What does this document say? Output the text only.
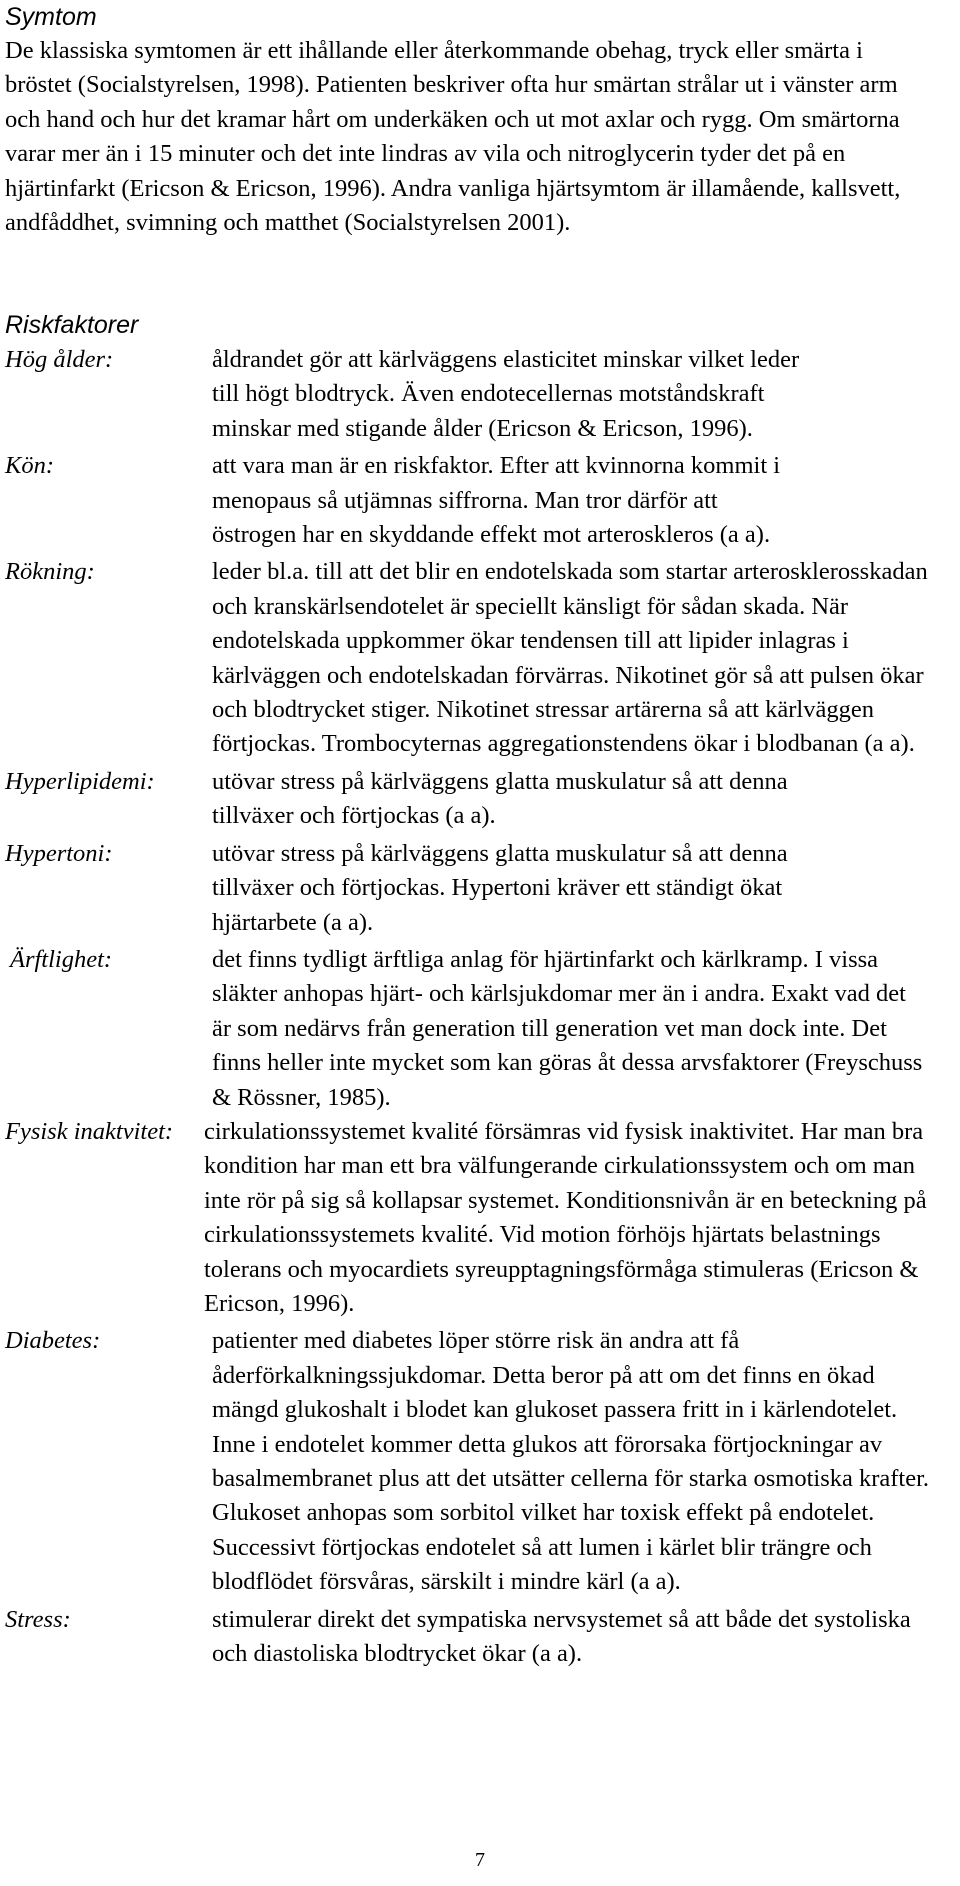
Symtom
De klassiska symtomen är ett ihållande eller återkommande obehag, tryck eller smärta i bröstet (Socialstyrelsen, 1998). Patienten beskriver ofta hur smärtan strålar ut i vänster arm och hand och hur det kramar hårt om underkäken och ut mot axlar och rygg. Om smärtorna varar mer än i 15 minuter och det inte lindras av vila och nitroglycerin tyder det på en hjärtinfarkt (Ericson & Ericson, 1996). Andra vanliga hjärtsymtom är illamående, kallsvett, andfåddhet, svimning och matthet (Socialstyrelsen 2001).
Riskfaktorer
Hög ålder:	åldrandet gör att kärlväggens elasticitet minskar vilket leder till högt blodtryck. Även endotecellernas motståndskraft minskar med stigande ålder (Ericson & Ericson, 1996).
Kön:	att vara man är en riskfaktor. Efter att kvinnorna kommit i menopaus så utjämnas siffrorna. Man tror därför att östrogen har en skyddande effekt mot arteroskleros (a a).
Rökning:	leder bl.a. till att det blir en endotelskada som startar arterosklerosskadan och kranskärlsendotelet är speciellt känsligt för sådan skada. När endotelskada uppkommer ökar tendensen till att lipider inlagras i kärlväggen och endotelskadan förvärras. Nikotinet gör så att pulsen ökar och blodtrycket stiger. Nikotinet stressar artärerna så att kärlväggen förtjockas. Trombocyternas aggregationstendens ökar i blodbanan (a a).
Hyperlipidemi:	utövar stress på kärlväggens glatta muskulatur så att denna tillväxer och förtjockas (a a).
Hypertoni:	utövar stress på kärlväggens glatta muskulatur så att denna tillväxer och förtjockas. Hypertoni kräver ett ständigt ökat hjärtarbete (a a).
Ärftlighet:	det finns tydligt ärftliga anlag för hjärtinfarkt och kärlkramp. I vissa släkter anhopas hjärt- och kärlsjukdomar mer än i andra. Exakt vad det är som nedärvs från generation till generation vet man dock inte. Det finns heller inte mycket som kan göras åt dessa arvsfaktorer (Freyschuss & Rössner, 1985).
Fysisk inaktvitet:	cirkulationssystemet kvalité försämras vid fysisk inaktivitet. Har man bra kondition har man ett bra välfungerande cirkulationssystem och om man inte rör på sig så kollapsar systemet. Konditionsnivån är en beteckning på cirkulationssystemets kvalité. Vid motion förhöjs hjärtats belastnings tolerans och myocardiets syreupptagningsförmåga stimuleras (Ericson & Ericson, 1996).
Diabetes:	patienter med diabetes löper större risk än andra att få åderförkalkningssjukdomar. Detta beror på att om det finns en ökad mängd glukoshalt i blodet kan glukoset passera fritt in i kärlendotelet. Inne i endotelet kommer detta glukos att förorsaka förtjockningar av basalmembranet plus att det utsätter cellerna för starka osmotiska krafter. Glukoset anhopas som sorbitol vilket har toxisk effekt på endotelet. Successivt förtjockas endotelet så att lumen i kärlet blir trängre och blodflödet försvåras, särskilt i mindre kärl (a a).
Stress:	stimulerar direkt det sympatiska nervsystemet så att både det systoliska och diastoliska blodtrycket ökar (a a).
7
